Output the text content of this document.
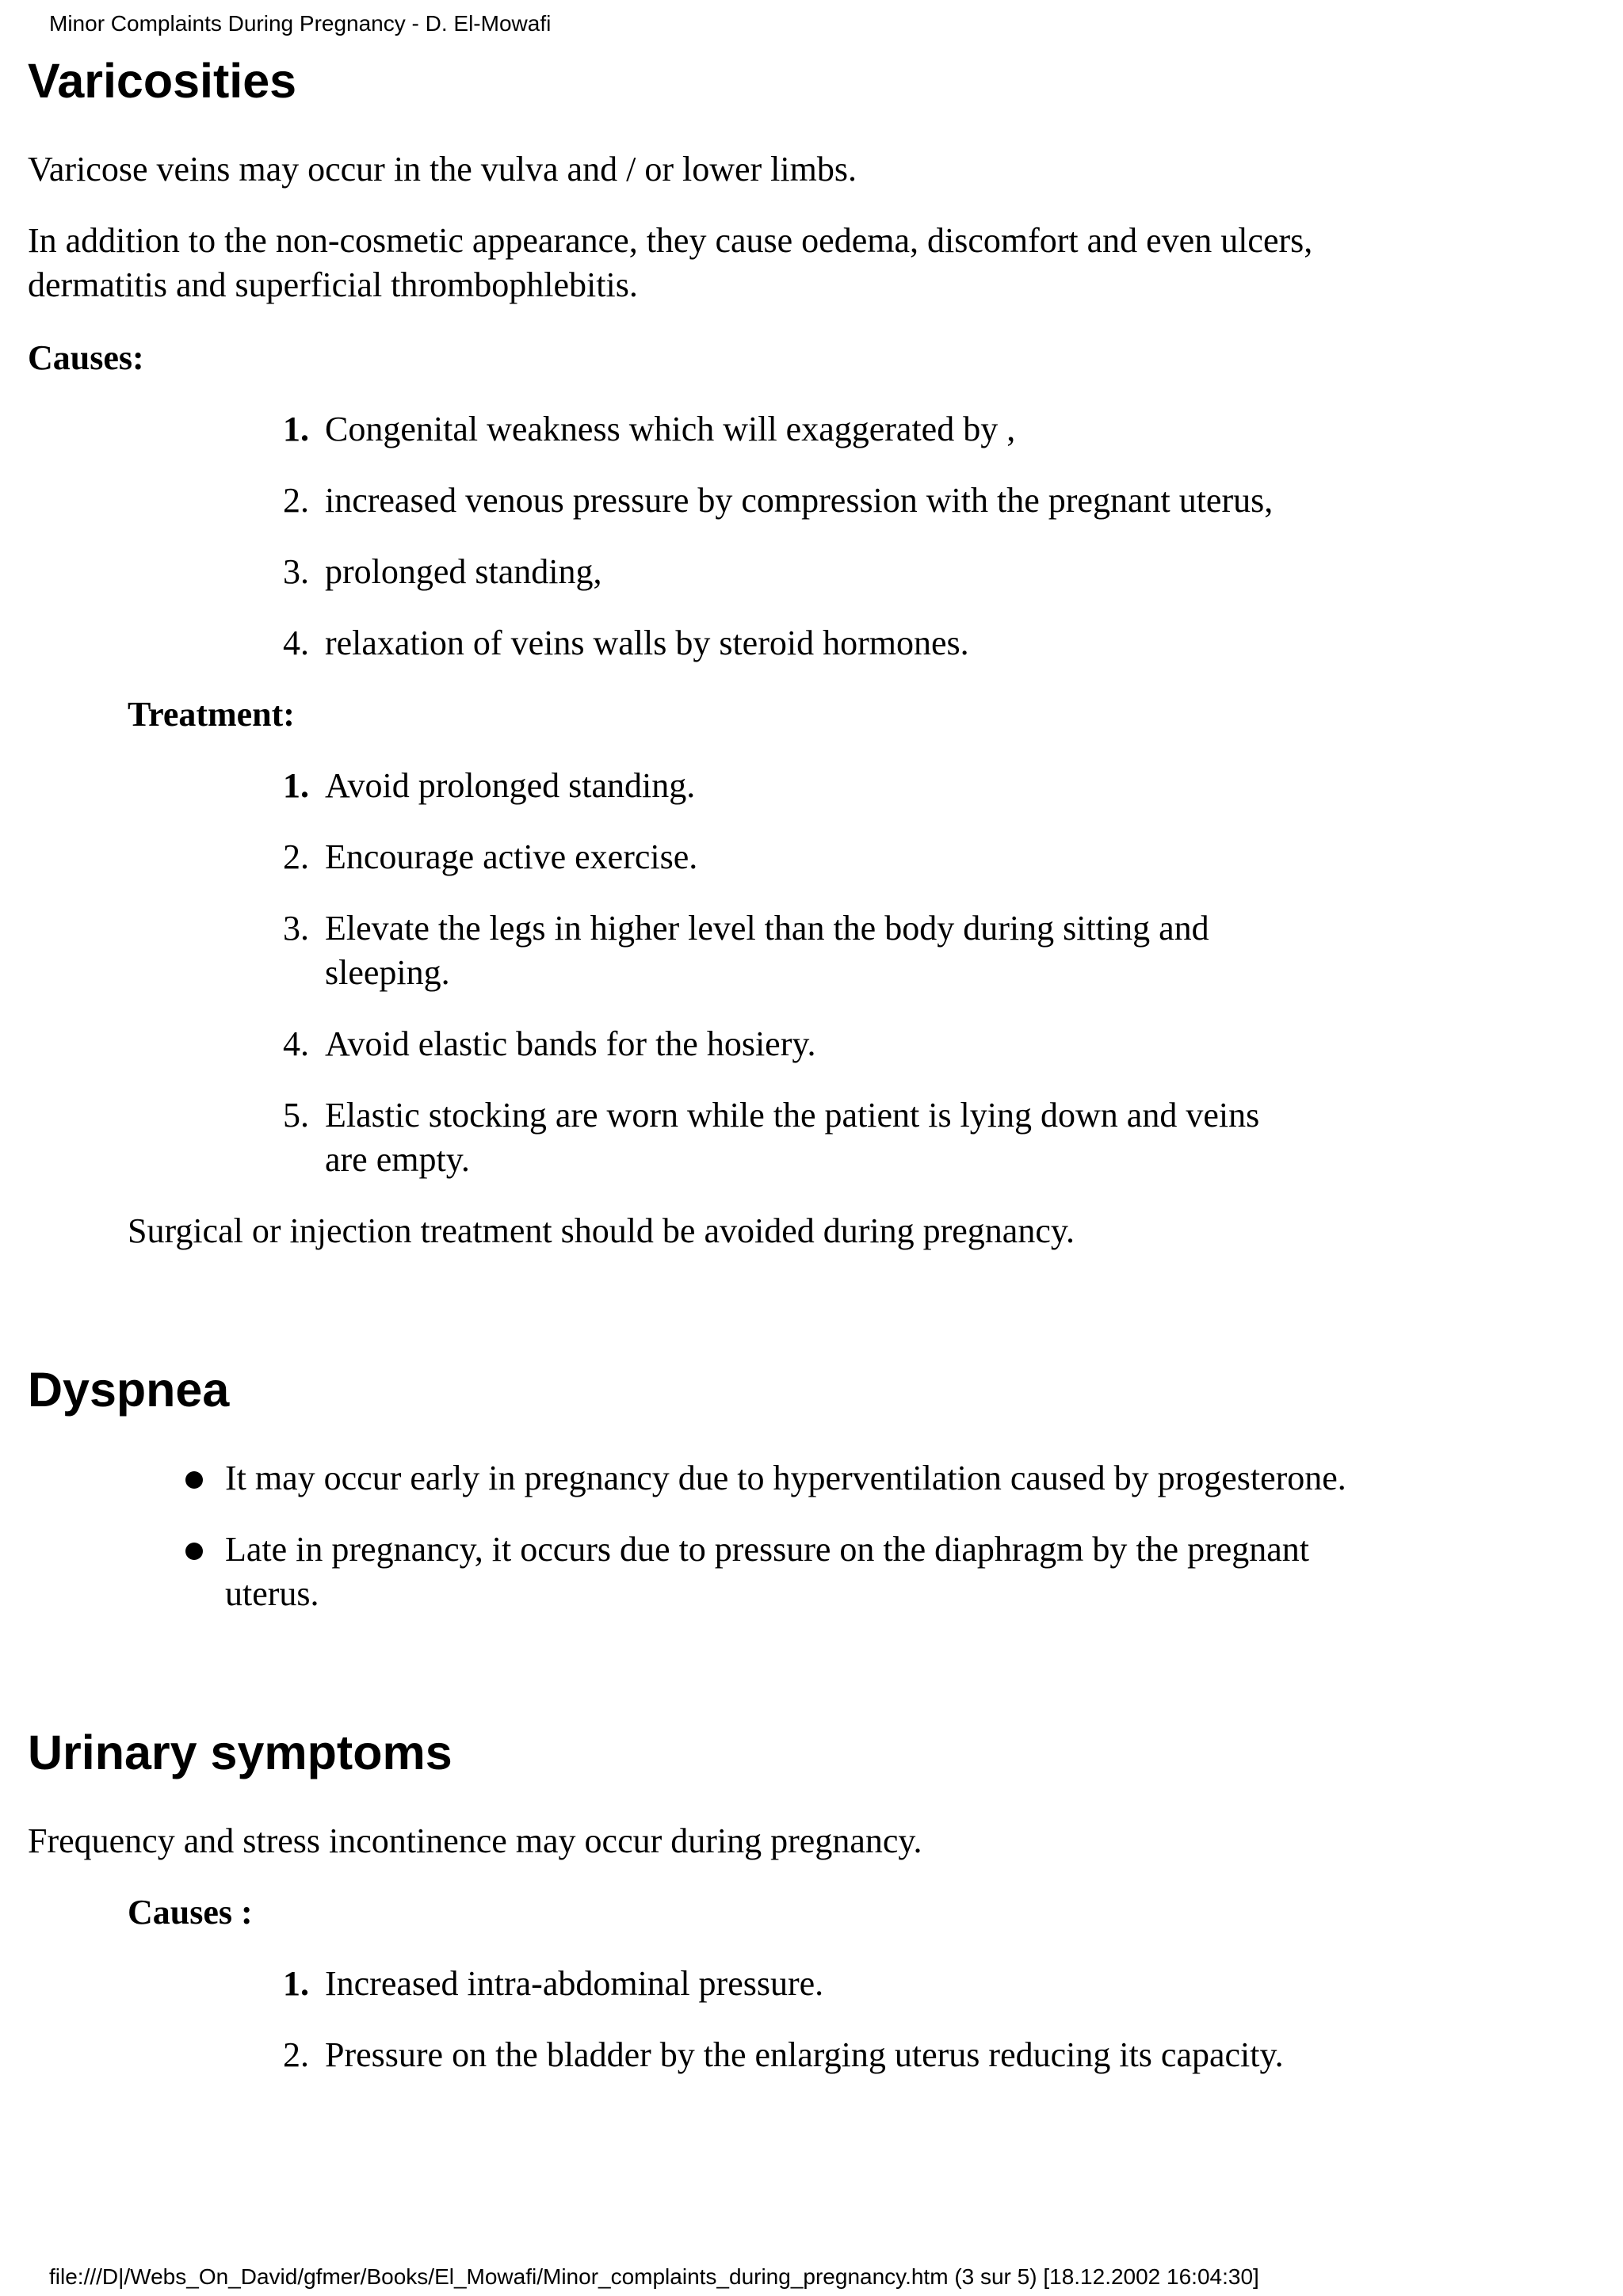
Minor Complaints During Pregnancy - D. El-Mowafi
Varicosities

Varicose veins may occur in the vulva and / or lower limbs.

In addition to the non-cosmetic appearance, they cause oedema, discomfort and even ulcers,

dermatitis and superficial thrombophlebitis.

Causes:

1. Congenital weakness which will exaggerated by ,
2. increased venous pressure by compression with the pregnant uterus,
3. prolonged standing,
4. relaxation of veins walls by steroid hormones.

Treatment:

1. Avoid prolonged standing.
2. Encourage active exercise.
3. Elevate the legs in higher level than the body during sitting and
sleeping.
4. Avoid elastic bands for the hosiery.
5. Elastic stocking are worn while the patient is lying down and veins
are empty.

Surgical or injection treatment should be avoided during pregnancy.

Dyspnea
It may occur early in pregnancy due to hyperventilation caused by progesterone.
Late in pregnancy, it occurs due to pressure on the diaphragm by the pregnant
uterus.
Urinary symptoms

Frequency and stress incontinence may occur during pregnancy.

Causes :

1. Increased intra-abdominal pressure.
2. Pressure on the bladder by the enlarging uterus reducing its capacity.
file:///D|/Webs_On_David/gfmer/Books/El_Mowafi/Minor_complaints_during_pregnancy.htm (3 sur 5) [18.12.2002 16:04:30]
